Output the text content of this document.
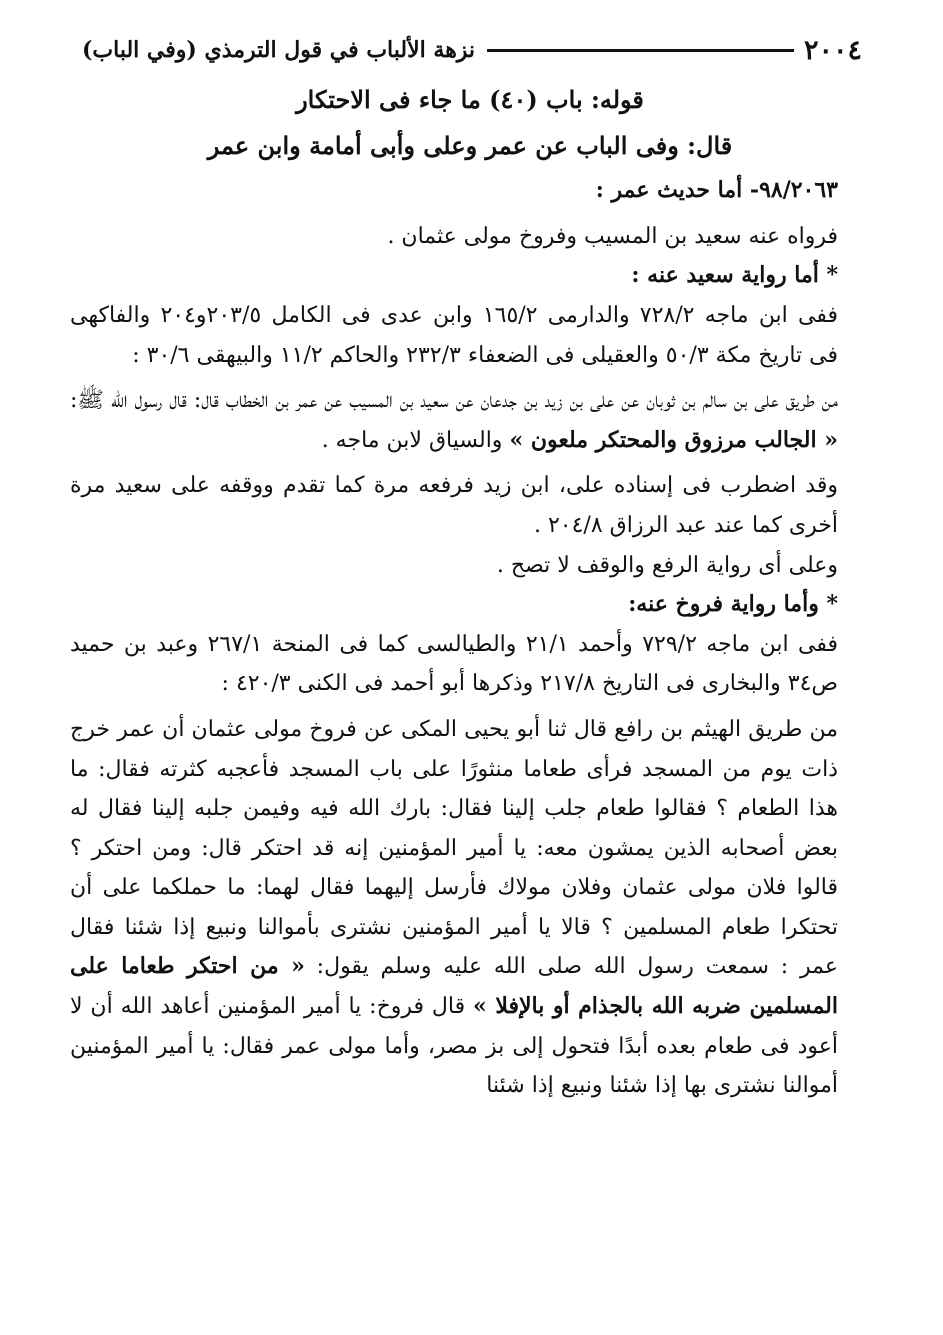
٢٠٠٤
نزهة الألباب في قول الترمذي (وفي الباب)

قوله: باب (٤٠) ما جاء فى الاحتكار

قال: وفى الباب عن عمر وعلى وأبى أمامة وابن عمر

٩٨/٢٠٦٣- أما حديث عمر :

فرواه عنه سعيد بن المسيب وفروخ مولى عثمان .

* أما رواية سعيد عنه :

ففى ابن ماجه ٧٢٨/٢ والدارمى ١٦٥/٢ وابن عدى فى الكامل ٢٠٣/٥و٢٠٤ والفاكهى فى تاريخ مكة ٥٠/٣ والعقيلى فى الضعفاء ٢٣٢/٣ والحاكم ١١/٢ والبيهقى ٣٠/٦ :

من طريق على بن سالم بن ثوبان عن على بن زيد بن جدعان عن سعيد بن المسيب عن عمر بن الخطاب قال: قال رسول الله ﷺ: « الجالب مرزوق والمحتكر ملعون » والسياق لابن ماجه .

وقد اضطرب فى إسناده على، ابن زيد فرفعه مرة كما تقدم ووقفه على سعيد مرة أخرى كما عند عبد الرزاق ٢٠٤/٨ .

وعلى أى رواية الرفع والوقف لا تصح .

* وأما رواية فروخ عنه:

ففى ابن ماجه ٧٢٩/٢ وأحمد ٢١/١ والطيالسى كما فى المنحة ٢٦٧/١ وعبد بن حميد ص٣٤ والبخارى فى التاريخ ٢١٧/٨ وذكرها أبو أحمد فى الكنى ٤٢٠/٣ :

من طريق الهيثم بن رافع قال ثنا أبو يحيى المكى عن فروخ مولى عثمان أن عمر خرج ذات يوم من المسجد فرأى طعاما منثورًا على باب المسجد فأعجبه كثرته فقال: ما هذا الطعام ؟ فقالوا طعام جلب إلينا فقال: بارك الله فيه وفيمن جلبه إلينا فقال له بعض أصحابه الذين يمشون معه: يا أمير المؤمنين إنه قد احتكر قال: ومن احتكر ؟ قالوا فلان مولى عثمان وفلان مولاك فأرسل إليهما فقال لهما: ما حملكما على أن تحتكرا طعام المسلمين ؟ قالا يا أمير المؤمنين نشترى بأموالنا ونبيع إذا شئنا فقال عمر : سمعت رسول الله صلى الله عليه وسلم يقول: « من احتكر طعاما على المسلمين ضربه الله بالجذام أو بالإفلا » قال فروخ: يا أمير المؤمنين أعاهد الله أن لا أعود فى طعام بعده أبدًا فتحول إلى بز مصر، وأما مولى عمر فقال: يا أمير المؤمنين أموالنا نشترى بها إذا شئنا ونبيع إذا شئنا
